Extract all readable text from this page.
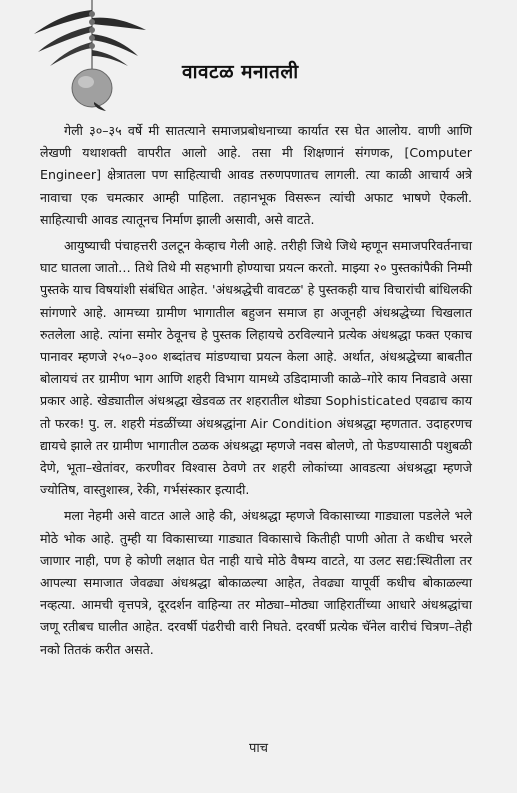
वावटळ मनातली

गेली ३०–३५ वर्षे मी सातत्याने समाजप्रबोधनाच्या कार्यात रस घेत आलोय. वाणी आणि लेखणी यथाशक्ती वापरीत आलो आहे. तसा मी शिक्षणानं संगणक, [Computer Engineer] क्षेत्रातला पण साहित्याची आवड तरुणपणातच लागली. त्या काळी आचार्य अत्रे नावाचा एक चमत्कार आम्ही पाहिला. तहानभूक विसरून त्यांची अफाट भाषणे ऐकली. साहित्याची आवड त्यातूनच निर्माण झाली असावी, असे वाटते.

आयुष्याची पंचाहत्तरी उलटून केव्हाच गेली आहे. तरीही जिथे जिथे म्हणून समाजपरिवर्तनाचा घाट घातला जातो… तिथे तिथे मी सहभागी होण्याचा प्रयत्न करतो. माझ्या २० पुस्तकांपैकी निम्मी पुस्तके याच विषयांशी संबंधित आहेत. 'अंधश्रद्धेची वावटळ' हे पुस्तकही याच विचारांची बांधिलकी सांगणारे आहे. आमच्या ग्रामीण भागातील बहुजन समाज हा अजूनही अंधश्रद्धेच्या चिखलात रुतलेला आहे. त्यांना समोर ठेवूनच हे पुस्तक लिहायचे ठरविल्याने प्रत्येक अंधश्रद्धा फक्त एकाच पानावर म्हणजे २५०–३०० शब्दांतच मांडण्याचा प्रयत्न केला आहे. अर्थात, अंधश्रद्धेच्या बाबतीत बोलायचं तर ग्रामीण भाग आणि शहरी विभाग यामध्ये उडिदामाजी काळे–गोरे काय निवडावे असा प्रकार आहे. खेड्यातील अंधश्रद्धा खेडवळ तर शहरातील थोड्या Sophisticated एवढाच काय तो फरक! पु. ल. शहरी मंडळींच्या अंधश्रद्धांना Air Condition अंधश्रद्धा म्हणतात. उदाहरणच द्यायचे झाले तर ग्रामीण भागातील ठळक अंधश्रद्धा म्हणजे नवस बोलणे, तो फेडण्यासाठी पशुबळी देणे, भूता–खेतांवर, करणीवर विश्वास ठेवणे तर शहरी लोकांच्या आवडत्या अंधश्रद्धा म्हणजे ज्योतिष, वास्तुशास्त्र, रेकी, गर्भसंस्कार इत्यादी.

मला नेहमी असे वाटत आले आहे की, अंधश्रद्धा म्हणजे विकासाच्या गाड्याला पडलेले भले मोठे भोक आहे. तुम्ही या विकासाच्या गाड्यात विकासाचे कितीही पाणी ओता ते कधीच भरले जाणार नाही, पण हे कोणी लक्षात घेत नाही याचे मोठे वैषम्य वाटते, या उलट सद्य:स्थितीला तर आपल्या समाजात जेवढ्या अंधश्रद्धा बोकाळल्या आहेत, तेवढ्या यापूर्वी कधीच बोकाळल्या नव्हत्या. आमची वृत्तपत्रे, दूरदर्शन वाहिन्या तर मोठ्या–मोठ्या जाहिरातींच्या आधारे अंधश्रद्धांचा जणू रतीबच घालीत आहेत. दरवर्षी पंढरीची वारी निघते. दरवर्षी प्रत्येक चॅनेल वारीचं चित्रण–तेही नको तितकं करीत असते.

पाच
